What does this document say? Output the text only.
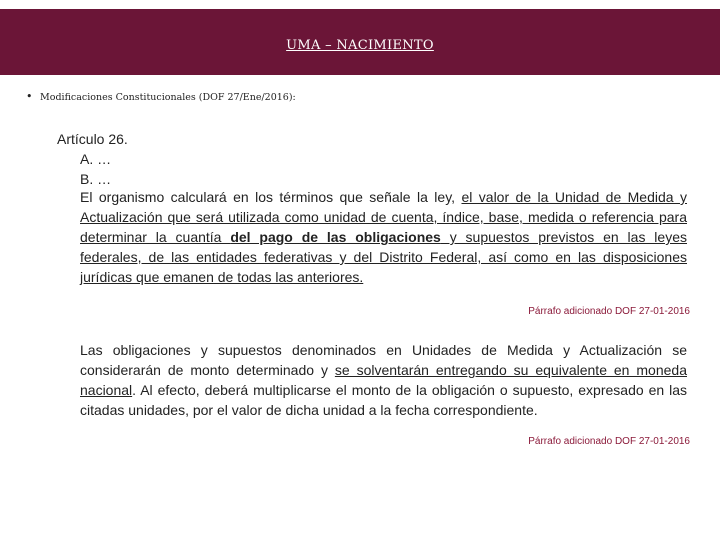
UMA – NACIMIENTO
• Modificaciones Constitucionales (DOF 27/Ene/2016):
Artículo 26.
A. …
B. …
El organismo calculará en los términos que señale la ley, el valor de la Unidad de Medida y Actualización que será utilizada como unidad de cuenta, índice, base, medida o referencia para determinar la cuantía del pago de las obligaciones y supuestos previstos en las leyes federales, de las entidades federativas y del Distrito Federal, así como en las disposiciones jurídicas que emanen de todas las anteriores.
Párrafo adicionado DOF 27-01-2016
Las obligaciones y supuestos denominados en Unidades de Medida y Actualización se considerarán de monto determinado y se solventarán entregando su equivalente en moneda nacional. Al efecto, deberá multiplicarse el monto de la obligación o supuesto, expresado en las citadas unidades, por el valor de dicha unidad a la fecha correspondiente.
Párrafo adicionado DOF 27-01-2016
